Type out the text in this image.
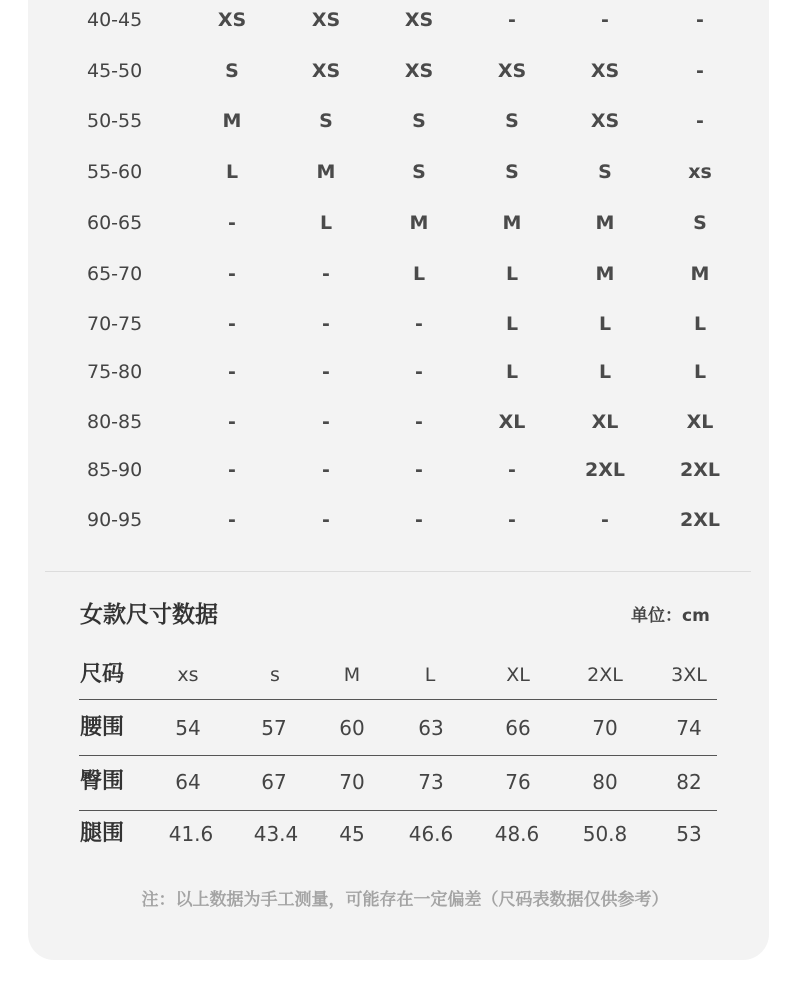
40-45	XS	XS	XS	-	-	-
45-50	S	XS	XS	XS	XS	-
50-55	M	S	S	S	XS	-
55-60	L	M	S	S	S	xs
60-65	-	L	M	M	M	S
65-70	-	-	L	L	M	M
70-75	-	-	-	L	L	L
75-80	-	-	-	L	L	L
80-85	-	-	-	XL	XL	XL
85-90	-	-	-	-	2XL	2XL
90-95	-	-	-	-	-	2XL
女款尺寸数据	单位：cm
尺码	xs	s	M	L	XL	2XL	3XL
腰围	54	57	60	63	66	70	74
臀围	64	67	70	73	76	80	82
腿围	41.6	43.4	45	46.6	48.6	50.8	53
注：以上数据为手工测量，可能存在一定偏差（尺码表数据仅供参考）
